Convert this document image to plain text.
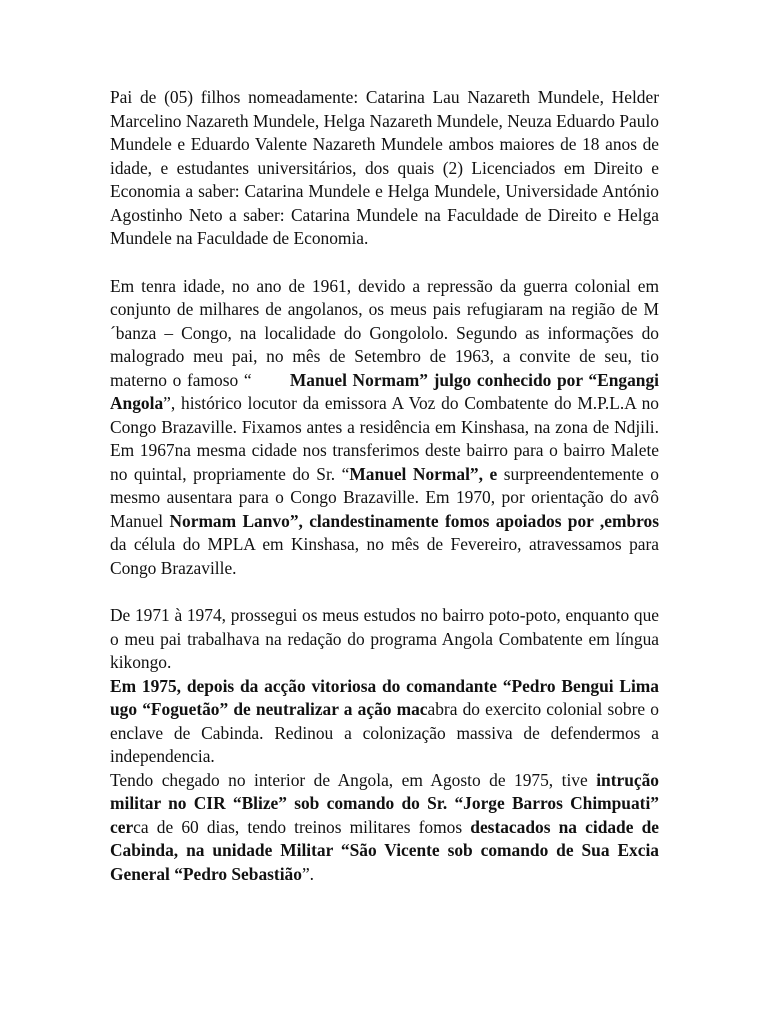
Pai de (05) filhos nomeadamente: Catarina Lau Nazareth Mundele, Helder Marcelino Nazareth Mundele, Helga Nazareth Mundele, Neuza Eduardo Paulo Mundele e Eduardo Valente Nazareth Mundele ambos maiores de 18 anos de idade, e estudantes universitários, dos quais (2) Licenciados em Direito e Economia a saber: Catarina Mundele e Helga Mundele, Universidade António Agostinho Neto a saber: Catarina Mundele na Faculdade de Direito e Helga Mundele na Faculdade de Economia.

Em tenra idade, no ano de 1961, devido a repressão da guerra colonial em conjunto de milhares de angolanos, os meus pais refugiaram na região de M´banza – Congo, na localidade do Gongololo. Segundo as informações do malogrado meu pai, no mês de Setembro de 1963, a convite de seu, tio materno o famoso “ Manuel Normam” julgo conhecido por “Engangi Angola”, histórico locutor da emissora A Voz do Combatente do M.P.L.A no Congo Brazaville. Fixamos antes a residência em Kinshasa, na zona de Ndjili. Em 1967na mesma cidade nos transferimos deste bairro para o bairro Malete no quintal, propriamente do Sr. “Manuel Normal”, e surpreendentemente o mesmo ausentara para o Congo Brazaville. Em 1970, por orientação do avô Manuel Normam Lanvo”, clandestinamente fomos apoiados por ,embros da célula do MPLA em Kinshasa, no mês de Fevereiro, atravessamos para Congo Brazaville.

De 1971 à 1974, prossegui os meus estudos no bairro poto-poto, enquanto que o meu pai trabalhava na redação do programa Angola Combatente em língua kikongo.

Em 1975, depois da acção vitoriosa do comandante “Pedro Bengui Lima ugo “Foguetão” de neutralizar a ação macabra do exercito colonial sobre o enclave de Cabinda. Redinou a colonização massiva de defendermos a independencia.

Tendo chegado no interior de Angola, em Agosto de 1975, tive intrução militar no CIR “Blize” sob comando do Sr. “Jorge Barros Chimpuati” cerca de 60 dias, tendo treinos militares fomos destacados na cidade de Cabinda, na unidade Militar “São Vicente sob comando de Sua Excia General “Pedro Sebastião”.
